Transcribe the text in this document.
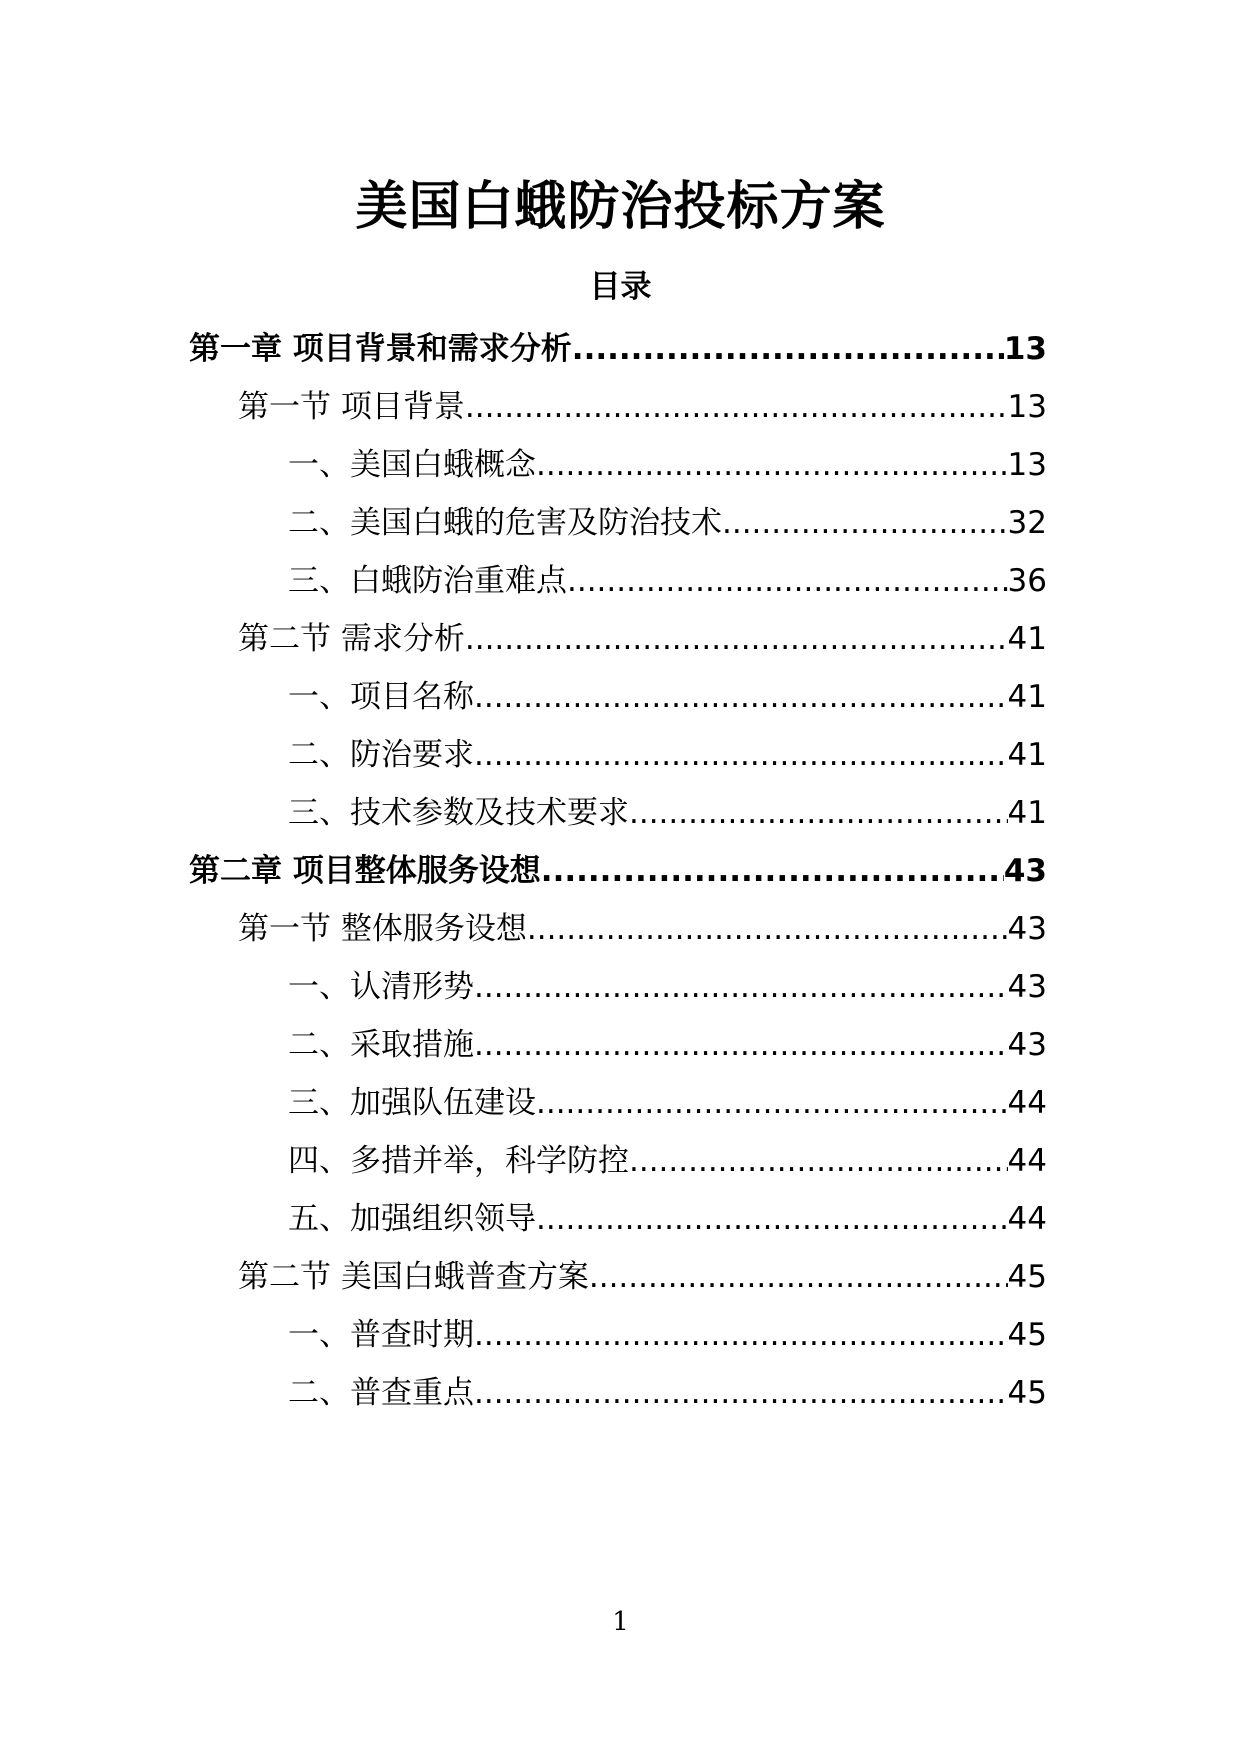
美国白蛾防治投标方案
目录
第一章 项目背景和需求分析 .....	13
第一节 项目背景 .....	13
一、美国白蛾概念 .....	13
二、美国白蛾的危害及防治技术 .....	32
三、白蛾防治重难点 .....	36
第二节 需求分析 .....	41
一、项目名称 .....	41
二、防治要求 .....	41
三、技术参数及技术要求 .....	41
第二章 项目整体服务设想 .....	43
第一节 整体服务设想 .....	43
一、认清形势 .....	43
二、采取措施 .....	43
三、加强队伍建设 .....	44
四、多措并举，科学防控 .....	44
五、加强组织领导 .....	44
第二节 美国白蛾普查方案 .....	45
一、普查时期 .....	45
二、普查重点 .....	45
1
